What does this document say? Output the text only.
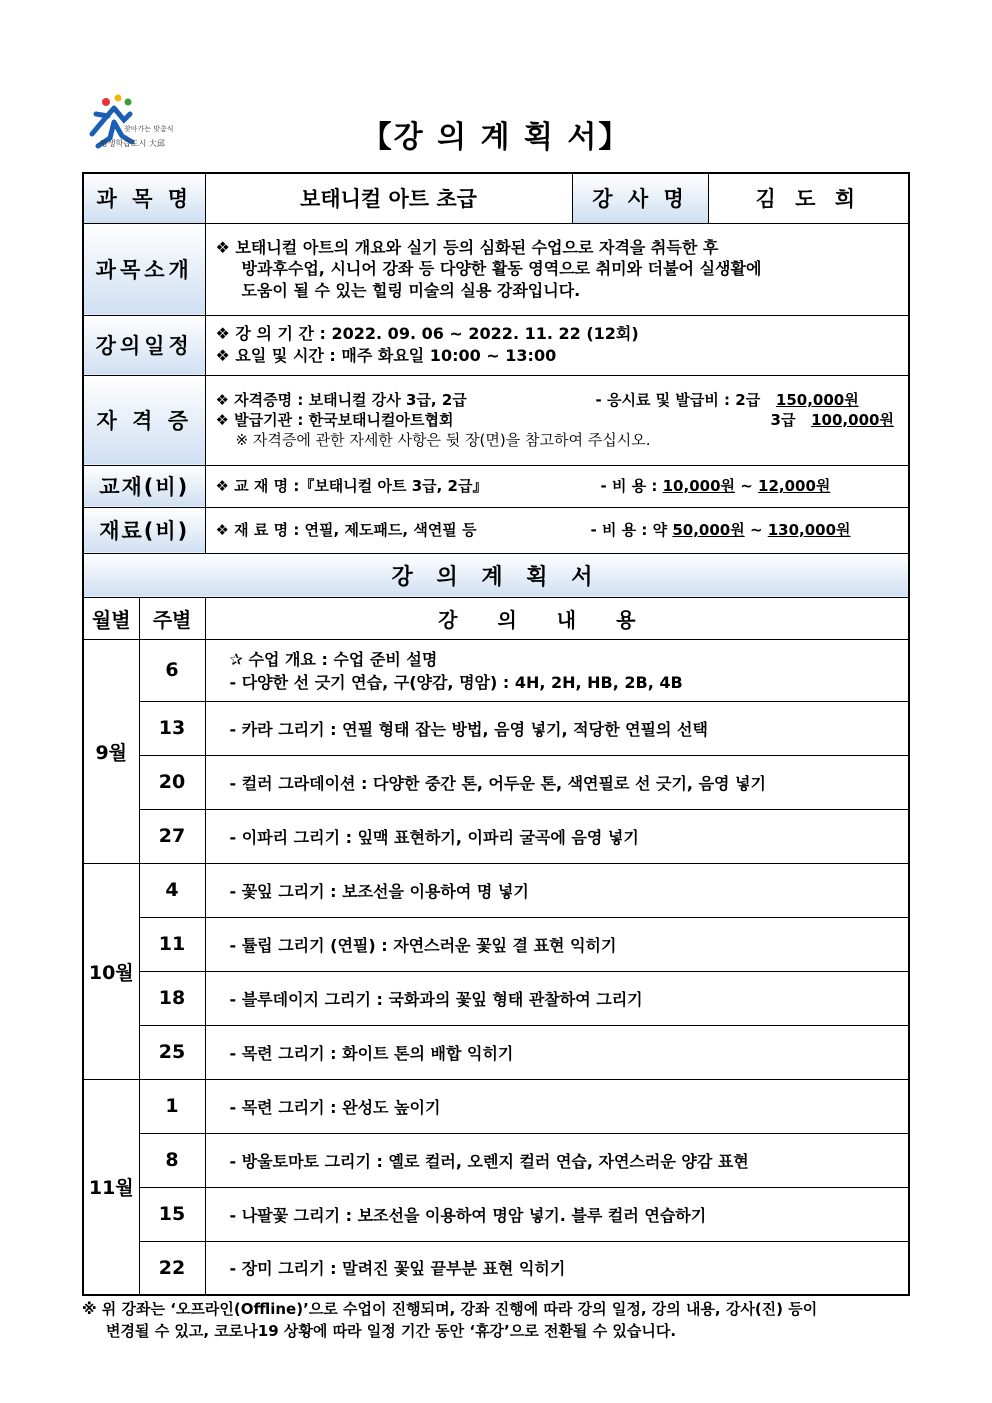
찾아가는 맞춤식
평생학습도시 大邱	【강 의 계 획 서】
과 목 명		보태니컬 아트 초급	강 사 명	김 도 희
과목소개		❖ 보태니컬 아트의 개요와 실기 등의 심화된 수업으로 자격을 취득한 후
방과후수업, 시니어 강좌 등 다양한 활동 영역으로 취미와 더불어 실생활에
도움이 될 수 있는 힐링 미술의 실용 강좌입니다.		

강의일정		❖ 강 의 기 간 : 2022. 09. 06 ~ 2022. 11. 22 (12회)
❖ 요일 및 시간 : 매주 화요일 10:00 ~ 13:00		

자 격 증		❖ 자격증명 : 보태니컬 강사 3급, 2급 - 응시료 및 발급비 : 2급 150,000원
❖ 발급기관 : 한국보태니컬아트협회 3급 100,000원
※ 자격증에 관한 자세한 사항은 뒷 장(면)을 참고하여 주십시오.		

교재(비)		❖ 교 재 명 :『보태니컬 아트 3급, 2급』 - 비 용 : 10,000원 ~ 12,000원		
재료(비)		❖ 재 료 명 : 연필, 제도패드, 색연필 등 - 비 용 : 약 50,000원 ~ 130,000원		
강 의 계 획 서				
월별	주별	강의내용		
9월	6	✰ 수업 개요 : 수업 준비 설명
- 다양한 선 긋기 연습, 구(양감, 명암) : 4H, 2H, HB, 2B, 4B		

	13	- 카라 그리기 : 연필 형태 잡는 방법, 음영 넣기, 적당한 연필의 선택		
	20	- 컬러 그라데이션 : 다양한 중간 톤, 어두운 톤, 색연필로 선 긋기, 음영 넣기		
	27	- 이파리 그리기 : 잎맥 표현하기, 이파리 굴곡에 음영 넣기		
10월	4	- 꽃잎 그리기 : 보조선을 이용하여 명 넣기		
	11	- 튤립 그리기 (연필) : 자연스러운 꽃잎 결 표현 익히기		
	18	- 블루데이지 그리기 : 국화과의 꽃잎 형태 관찰하여 그리기		
	25	- 목련 그리기 : 화이트 톤의 배합 익히기		
11월	1	- 목련 그리기 : 완성도 높이기		
	8	- 방울토마토 그리기 : 옐로 컬러, 오렌지 컬러 연습, 자연스러운 양감 표현		
	15	- 나팔꽃 그리기 : 보조선을 이용하여 명암 넣기. 블루 컬러 연습하기		
	22	- 장미 그리기 : 말려진 꽃잎 끝부분 표현 익히기		
※ 위 강좌는 ‘오프라인(Offline)’으로 수업이 진행되며, 강좌 진행에 따라 강의 일정, 강의 내용, 강사(진) 등이
변경될 수 있고, 코로나19 상황에 따라 일정 기간 동안 ‘휴강’으로 전환될 수 있습니다.
